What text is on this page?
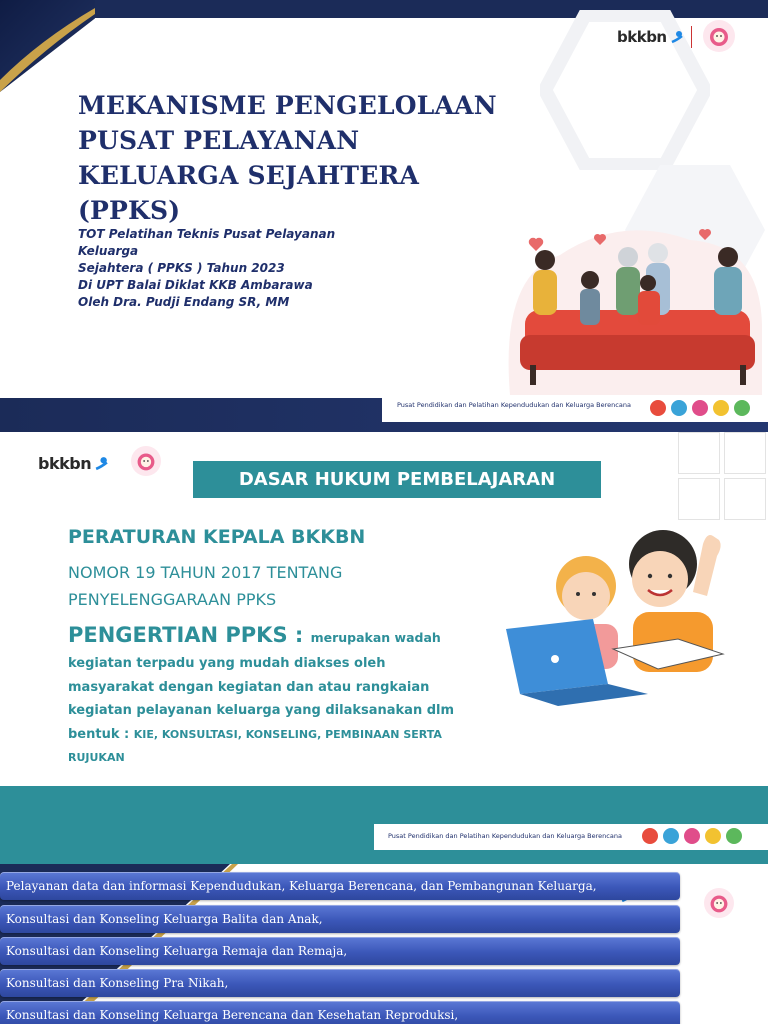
bkkbn
MEKANISME PENGELOLAAN
PUSAT PELAYANAN
KELUARGA SEJAHTERA
(PPKS)
TOT Pelatihan Teknis Pusat Pelayanan Keluarga
Sejahtera ( PPKS ) Tahun 2023
Di UPT Balai Diklat KKB Ambarawa
Oleh Dra. Pudji Endang SR, MM
Pusat Pendidikan dan Pelatihan Kependudukan dan Keluarga Berencana
bkkbn
DASAR HUKUM PEMBELAJARAN
PERATURAN KEPALA BKKBN
NOMOR 19 TAHUN 2017 TENTANG
PENYELENGGARAAN PPKS
PENGERTIAN PPKS : merupakan wadah
kegiatan terpadu yang mudah diakses oleh
masyarakat dengan kegiatan dan atau rangkaian
kegiatan pelayanan keluarga yang dilaksanakan dlm
bentuk : KIE, KONSULTASI, KONSELING, PEMBINAAN SERTA
RUJUKAN
Pusat Pendidikan dan Pelatihan Kependudukan dan Keluarga Berencana
Pelayanan data dan informasi Kependudukan, Keluarga Berencana, dan Pembangunan Keluarga,
Konsultasi dan Konseling Keluarga Balita dan Anak,
Konsultasi dan Konseling Keluarga Remaja dan Remaja,
Konsultasi dan Konseling Pra Nikah,
Konsultasi dan Konseling Keluarga Berencana dan Kesehatan Reproduksi,
